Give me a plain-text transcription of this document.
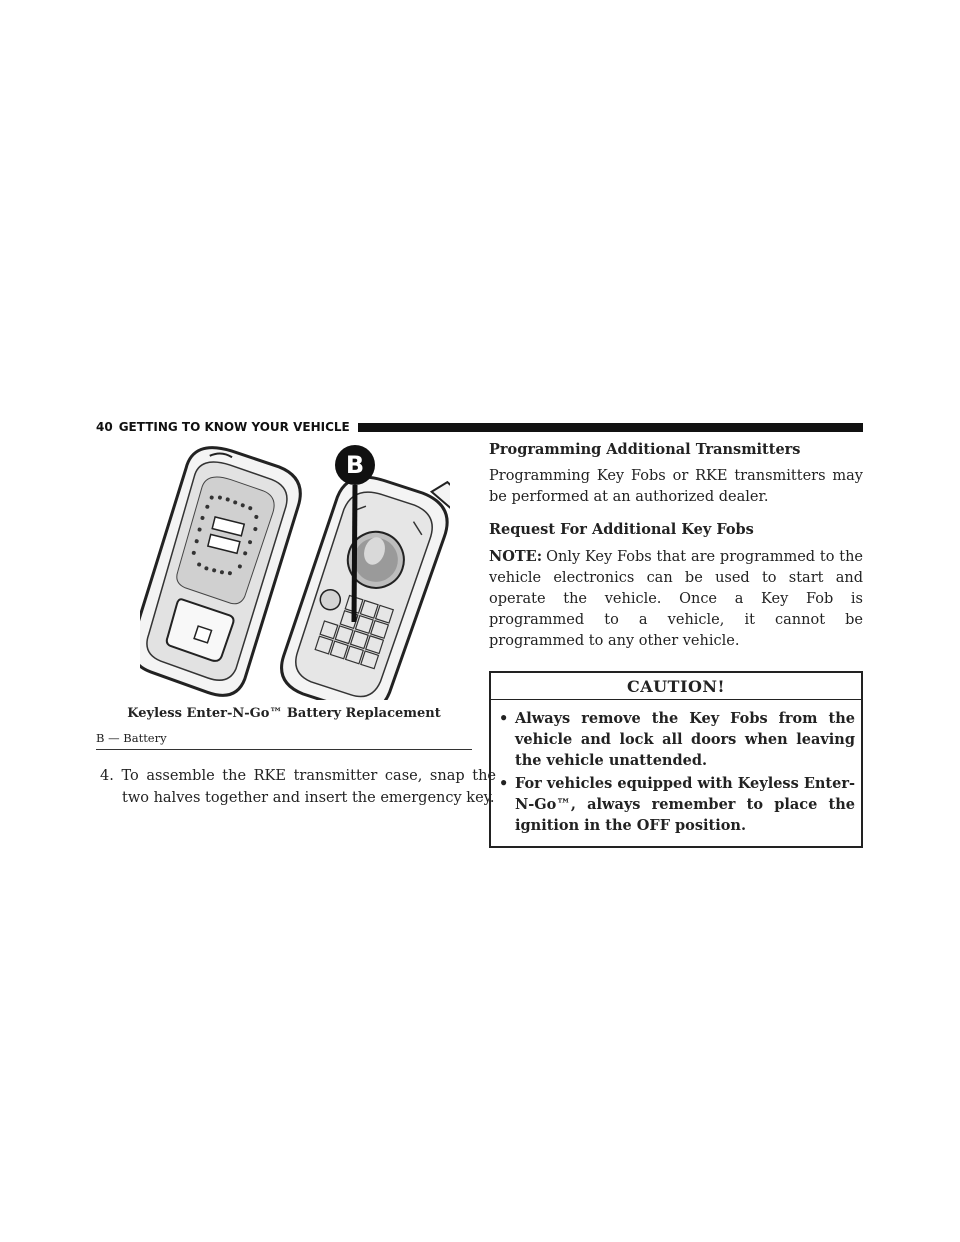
40 GETTING TO KNOW YOUR VEHICLE
B
Keyless Enter-N-Go™ Battery Replacement
B — Battery
4. To assemble the RKE transmitter case, snap the two halves together and insert the emergency key.
Programming Additional Transmitters

Programming Key Fobs or RKE transmitters may be performed at an authorized dealer.

Request For Additional Key Fobs

NOTE: Only Key Fobs that are programmed to the vehicle electronics can be used to start and operate the vehicle. Once a Key Fob is programmed to a vehicle, it cannot be programmed to any other vehicle.

CAUTION!
• Always remove the Key Fobs from the vehicle and lock all doors when leaving the vehicle unattended.
• For vehicles equipped with Keyless Enter-N-Go™, always remember to place the ignition in the OFF position.
